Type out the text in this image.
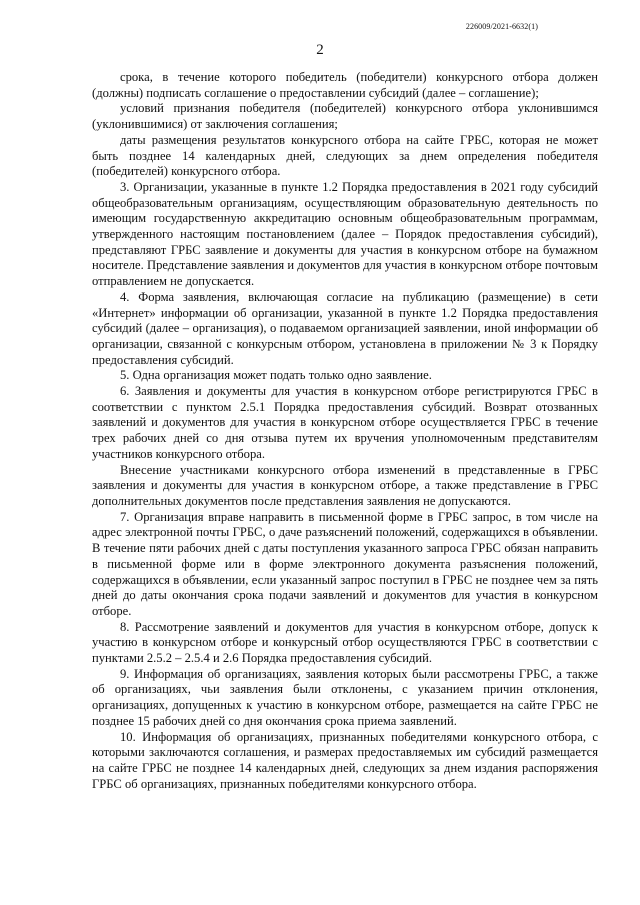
226009/2021-6632(1)
2

срока, в течение которого победитель (победители) конкурсного отбора должен (должны) подписать соглашение о предоставлении субсидий (далее – соглашение);

условий признания победителя (победителей) конкурсного отбора уклонившимся (уклонившимися) от заключения соглашения;

даты размещения результатов конкурсного отбора на сайте ГРБС, которая не может быть позднее 14 календарных дней, следующих за днем определения победителя (победителей) конкурсного отбора.

3. Организации, указанные в пункте 1.2 Порядка предоставления в 2021 году субсидий общеобразовательным организациям, осуществляющим образовательную деятельность по имеющим государственную аккредитацию основным общеобразовательным программам, утвержденного настоящим постановлением (далее – Порядок предоставления субсидий), представляют ГРБС заявление и документы для участия в конкурсном отборе на бумажном носителе. Представление заявления и документов для участия в конкурсном отборе почтовым отправлением не допускается.

4. Форма заявления, включающая согласие на публикацию (размещение) в сети «Интернет» информации об организации, указанной в пункте 1.2 Порядка предоставления субсидий (далее – организация), о подаваемом организацией заявлении, иной информации об организации, связанной с конкурсным отбором, установлена в приложении № 3 к Порядку предоставления субсидий.

5. Одна организация может подать только одно заявление.

6. Заявления и документы для участия в конкурсном отборе регистрируются ГРБС в соответствии с пунктом 2.5.1 Порядка предоставления субсидий. Возврат отозванных заявлений и документов для участия в конкурсном отборе осуществляется ГРБС в течение трех рабочих дней со дня отзыва путем их вручения уполномоченным представителям участников конкурсного отбора.

Внесение участниками конкурсного отбора изменений в представленные в ГРБС заявления и документы для участия в конкурсном отборе, а также представление в ГРБС дополнительных документов после представления заявления не допускаются.

7. Организация вправе направить в письменной форме в ГРБС запрос, в том числе на адрес электронной почты ГРБС, о даче разъяснений положений, содержащихся в объявлении. В течение пяти рабочих дней с даты поступления указанного запроса ГРБС обязан направить в письменной форме или в форме электронного документа разъяснения положений, содержащихся в объявлении, если указанный запрос поступил в ГРБС не позднее чем за пять дней до даты окончания срока подачи заявлений и документов для участия в конкурсном отборе.

8. Рассмотрение заявлений и документов для участия в конкурсном отборе, допуск к участию в конкурсном отборе и конкурсный отбор осуществляются ГРБС в соответствии с пунктами 2.5.2 – 2.5.4 и 2.6 Порядка предоставления субсидий.

9. Информация об организациях, заявления которых были рассмотрены ГРБС, а также об организациях, чьи заявления были отклонены, с указанием причин отклонения, организациях, допущенных к участию в конкурсном отборе, размещается на сайте ГРБС не позднее 15 рабочих дней со дня окончания срока приема заявлений.

10. Информация об организациях, признанных победителями конкурсного отбора, с которыми заключаются соглашения, и размерах предоставляемых им субсидий размещается на сайте ГРБС не позднее 14 календарных дней, следующих за днем издания распоряжения ГРБС об организациях, признанных победителями конкурсного отбора.
